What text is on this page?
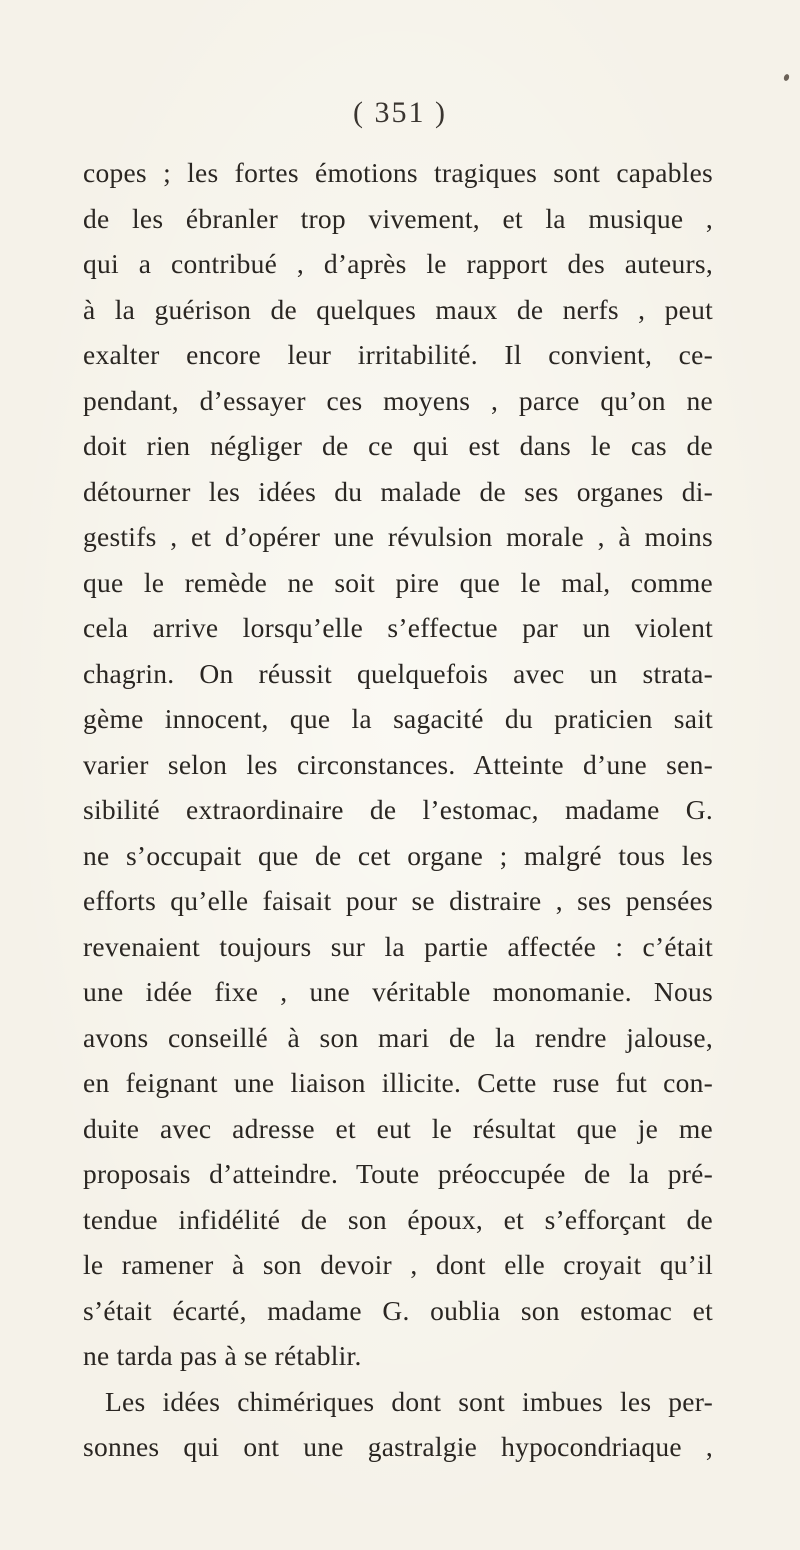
( 351 )
copes ; les fortes émotions tragiques sont capables
de les ébranler trop vivement, et la musique ,
qui a contribué , d’après le rapport des auteurs,
à la guérison de quelques maux de nerfs , peut
exalter encore leur irritabilité. Il convient, ce-
pendant, d’essayer ces moyens , parce qu’on ne
doit rien négliger de ce qui est dans le cas de
détourner les idées du malade de ses organes di-
gestifs , et d’opérer une révulsion morale , à moins
que le remède ne soit pire que le mal, comme
cela arrive lorsqu’elle s’effectue par un violent
chagrin. On réussit quelquefois avec un strata-
gème innocent, que la sagacité du praticien sait
varier selon les circonstances. Atteinte d’une sen-
sibilité extraordinaire de l’estomac, madame G.
ne s’occupait que de cet organe ; malgré tous les
efforts qu’elle faisait pour se distraire , ses pensées
revenaient toujours sur la partie affectée : c’était
une idée fixe , une véritable monomanie. Nous
avons conseillé à son mari de la rendre jalouse,
en feignant une liaison illicite. Cette ruse fut con-
duite avec adresse et eut le résultat que je me
proposais d’atteindre. Toute préoccupée de la pré-
tendue infidélité de son époux, et s’efforçant de
le ramener à son devoir , dont elle croyait qu’il
s’était écarté, madame G. oublia son estomac et
ne tarda pas à se rétablir.
Les idées chimériques dont sont imbues les per-
sonnes qui ont une gastralgie hypocondriaque ,
